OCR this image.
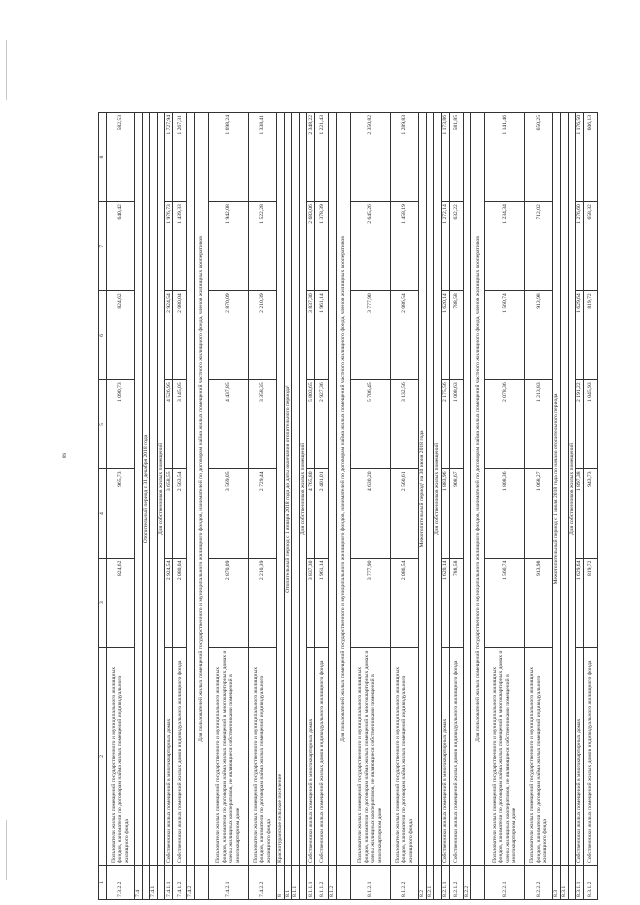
89
1	2	3	4	5	6	7	8
7.3.2.2	Пользователи жилых помещений государственного и муниципального жилищных фондов, наниматели по договорам найма жилых помещений индивидуального жилищного фонда	824,62	965,73	1 090,73	824,62	640,42	582,53
7.4							
	Отопительный период с 31 декабря 2018 года						
7.4.1							
	Для собственников жилых помещений						
7.4.1.1	Собственники жилых помещений в многоквартирных домах	2 924,54	3 658,55	4 526,95	2 924,54	1 976,73	1 727,94
7.4.1.2	Собственники жилых помещений жилых домов индивидуального жилищного фонда	2 080,04	2 563,54	3 145,05	2 080,04	1 439,33	1 267,31
7.4.2							
	Для пользователей жилых помещений государственного и муниципального жилищного фондов, нанимателей по договорам найма жилых помещений частного жилищного фонда, членов жилищных кооперативов						
7.4.2.1	Пользователи жилых помещений государственного и муниципального жилищных фондов, наниматели по договорам найма жилых помещений в многоквартирных домах и члены жилищных кооперативов, не являющиеся собственниками помещений в многоквартирном доме	2 870,09	3 569,05	4 437,85	2 870,09	1 942,08	1 698,24
7.4.2.2	Пользователи жилых помещений государственного и муниципального жилищных фондов, наниматели по договорам найма жилых помещений индивидуального жилищного фонда	2 210,39	2 729,44	3 358,35	2 210,39	1 522,28	1 338,41
8	Краснотуранское сельское поселение						
8.1	Отопительный период с 1 января 2018 года до даты окончания отопительного периода¹						
8.1.1							
	Для собственников жилых помещений						
8.1.1.1	Собственники жилых помещений в многоквартирных домах	3 837,30	4 765,80	5 803,65	3 837,30	2 683,06	2 348,22
8.1.1.2	Собственники жилых помещений жилых домов индивидуального жилищного фонда	1 961,14	2 401,01	2 927,36	1 961,14	1 378,39	1 221,43
8.1.2							
	Для пользователей жилых помещений государственного и муниципального жилищного фондов, нанимателей по договорам найма жилых помещений частного жилищного фонда, членов жилищных кооперативов						
8.1.2.1	Пользователи жилых помещений государственного и муниципального жилищных фондов, наниматели по договорам найма жилых помещений в многоквартирных домах и члены жилищных кооперативов, не являющиеся собственниками помещений в многоквартирном доме	3 777,90	4 630,20	5 706,45	3 777,90	2 645,26	2 350,82
8.1.2.2	Пользователи жилых помещений государственного и муниципального жилищных фондов, наниматели по договорам найма жилых помещений индивидуального жилищного фонда	2 086,54	2 560,61	3 132,56	2 086,54	1 458,19	1 289,83
8.2	Межотопительный период¹ на 30 июня 2018 года						
8.2.1							
	Для собственников жилых помещений						
8.2.1.1	Собственники жилых помещений в многоквартирных домах	1 620,14	1 883,96	2 175,56	1 620,14	1 272,14	1 173,86
8.2.1.2	Собственники жилых помещений жилых домов индивидуального жилищного фонда	788,58	908,67	1 008,63	788,58	632,22	581,85
8.2.2							
	Для пользователей жилых помещений государственного и муниципального жилищного фондов, нанимателей по договорам найма жилых помещений частного жилищного фонда, членов жилищных кооперативов						
8.2.2.1	Пользователи жилых помещений государственного и муниципального жилищных фондов, наниматели по договорам найма жилых помещений в многоквартирных домах и члены жилищных кооперативов, не являющиеся собственниками помещений в многоквартирном доме	1 560,74	1 808,36	2 078,36	1 560,74	1 234,34	1 141,46
8.2.2.2	Пользователи жилых помещений государственного и муниципального жилищных фондов, наниматели по договорам найма жилых помещений индивидуального жилищного фонда	913,98	1 068,27	1 213,83	913,98	712,02	650,25
8.3	Межотопительный период с 1 июля 2018 года по начало отопительного периода						
8.3.1							
	Для собственников жилых помещений						
8.3.1.1	Собственники жилых помещений в многоквартирных домах	1 629,64	1 897,38	2 191,22	1 629,64	1 276,60	1 176,50
8.3.1.2	Собственники жилых помещений жилых домов индивидуального жилищного фонда	819,72	943,73	1 045,93	819,72	658,32	606,13
